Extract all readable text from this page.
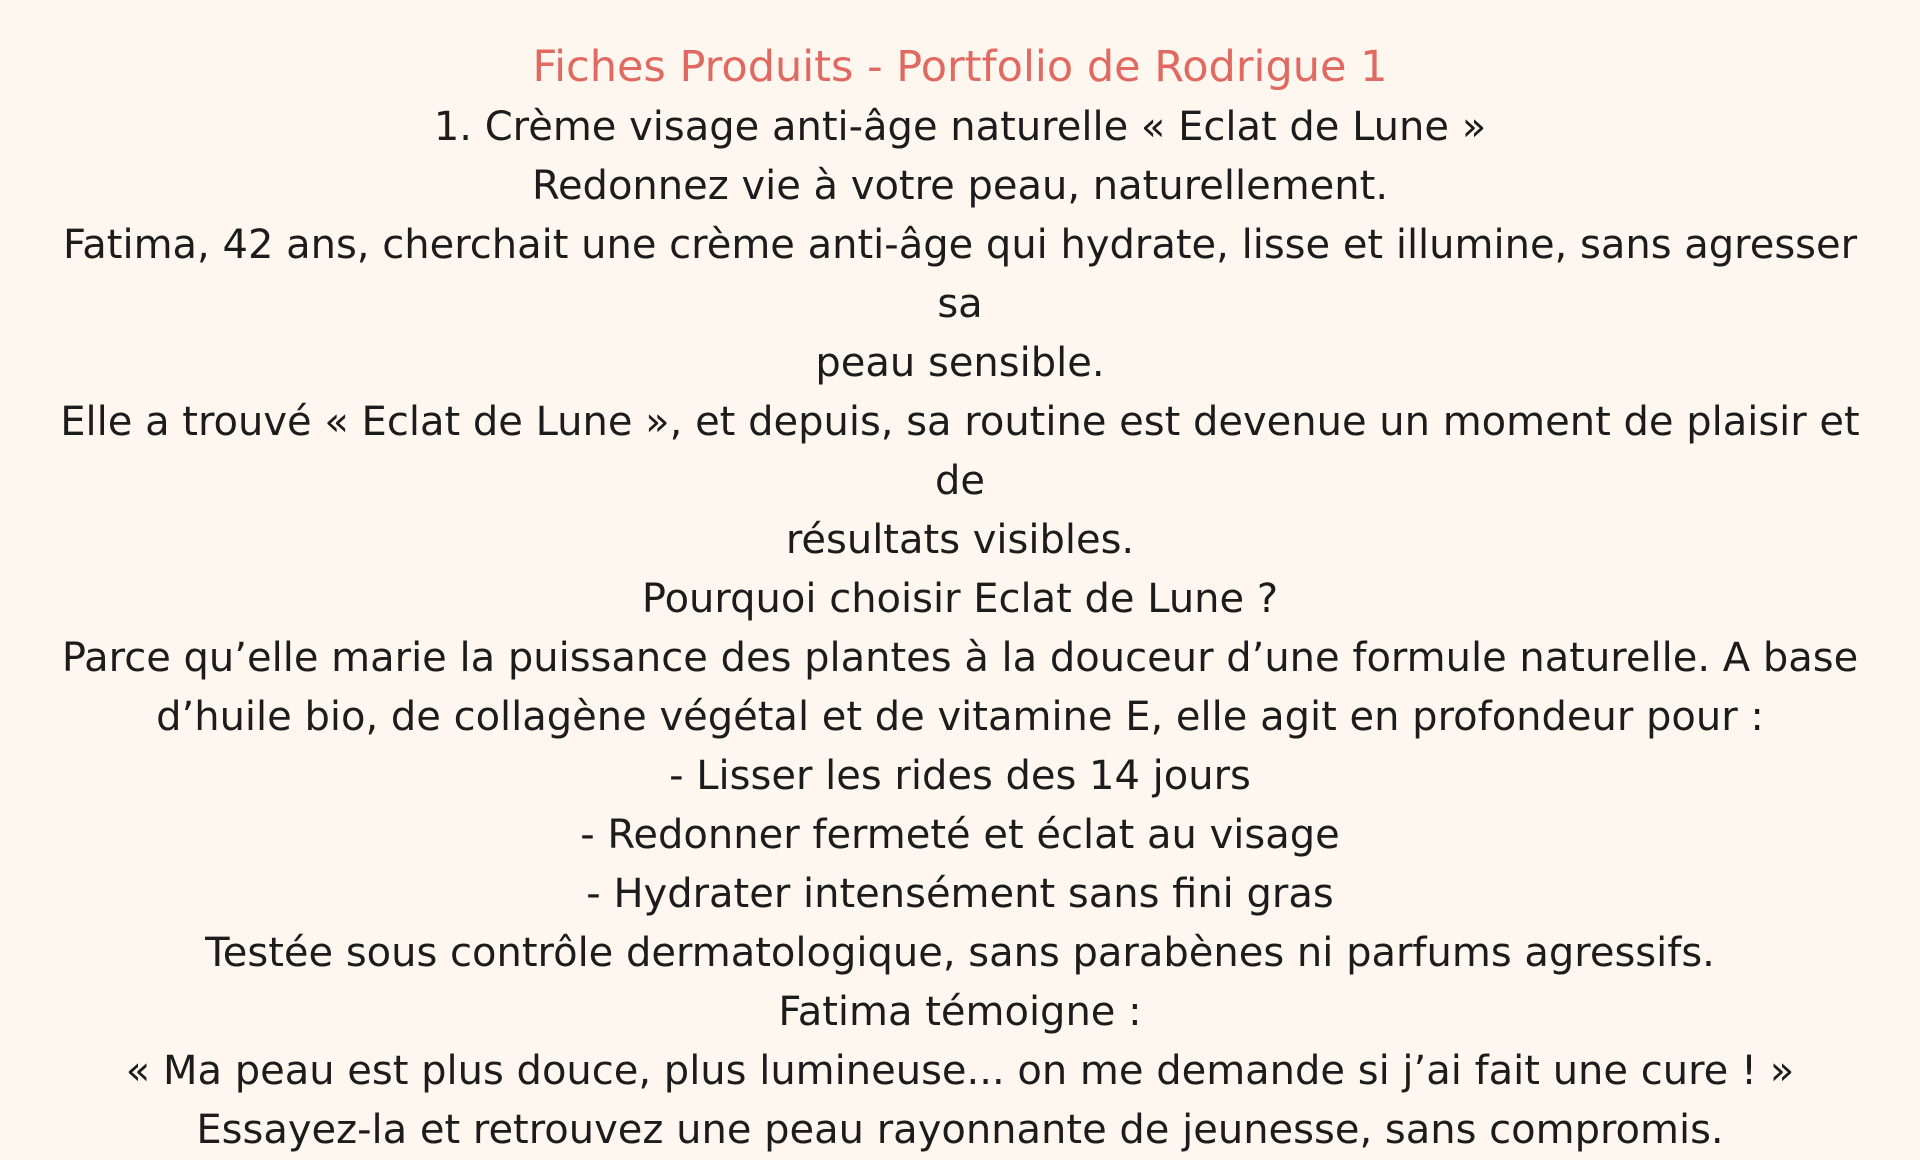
Fiches Produits - Portfolio de Rodrigue 1

1. Crème visage anti-âge naturelle « Eclat de Lune »

Redonnez vie à votre peau, naturellement.

Fatima, 42 ans, cherchait une crème anti-âge qui hydrate, lisse et illumine, sans agresser sa

peau sensible.

Elle a trouvé « Eclat de Lune », et depuis, sa routine est devenue un moment de plaisir et de

résultats visibles.

Pourquoi choisir Eclat de Lune ?

Parce qu’elle marie la puissance des plantes à la douceur d’une formule naturelle. A base

d’huile bio, de collagène végétal et de vitamine E, elle agit en profondeur pour :

- Lisser les rides des 14 jours

- Redonner fermeté et éclat au visage

- Hydrater intensément sans fini gras

Testée sous contrôle dermatologique, sans parabènes ni parfums agressifs.

Fatima témoigne :

« Ma peau est plus douce, plus lumineuse... on me demande si j’ai fait une cure ! »

Essayez-la et retrouvez une peau rayonnante de jeunesse, sans compromis.
